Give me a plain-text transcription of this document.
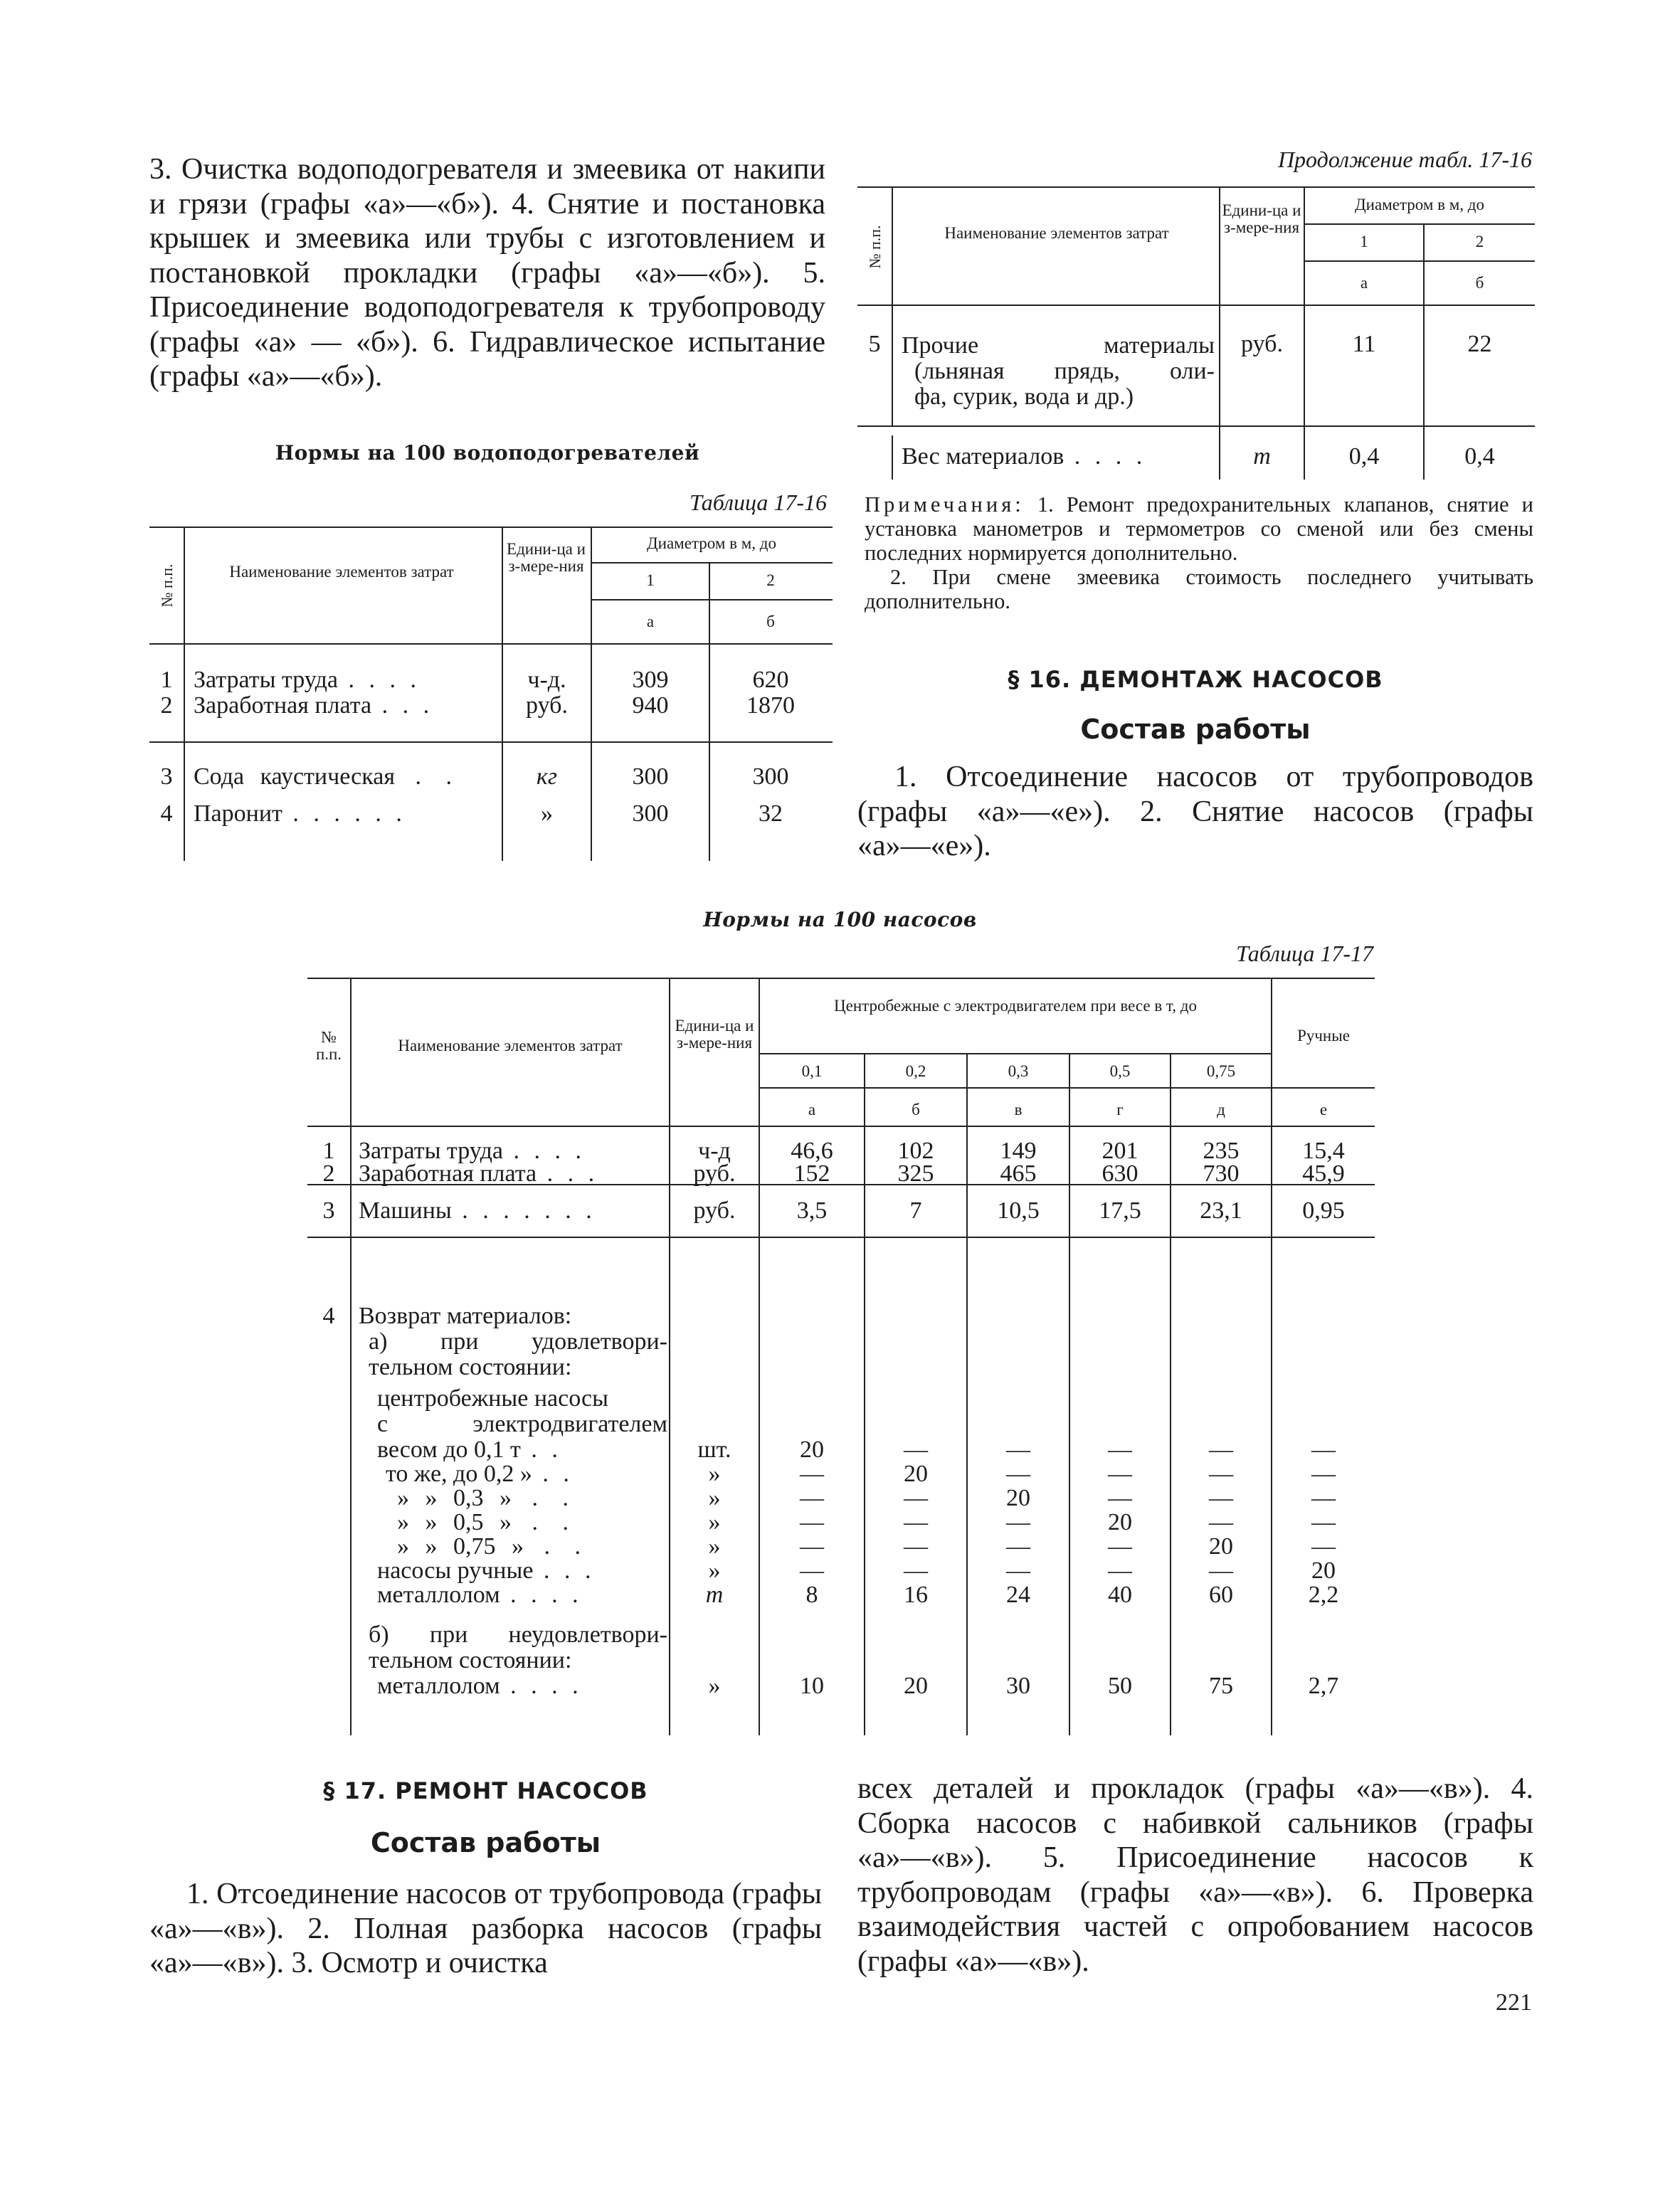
3. Очистка водоподогревателя и змеевика от накипи и грязи (графы «а»—«б»). 4. Снятие и постановка крышек и змеевика или трубы с изготовлением и постановкой прокладки (графы «а»—«б»). 5. Присоединение водоподогревателя к трубопроводу (графы «а» — «б»). 6. Гидравлическое испытание (графы «а»—«б»).

Нормы на 100 водоподогревателей
Таблица 17-16
№ п.п.	Наименование элементов затрат
Едини-ца из-мере-ния
Диаметром в м, до
1	2
а	б
1 Затраты труда . . . .	ч-д.	309	620
2 Заработная плата . . .	руб.	940	1870
3 Сода каустическая . .	кг	300	300
4 Паронит . . . . . .	»	300	32
Продолжение табл. 17-16
№ п.п.	Наименование элементов затрат
Едини-ца из-мере-ния
Диаметром в м, до
1	2
а	б
5 Прочие материалы
(льняная прядь, оли-
фа, сурик, вода и др.)
руб.	11	22
Вес материалов . . . .	т	0,4	0,4

Примечания: 1. Ремонт предохранительных клапанов, снятие и установка манометров и термометров со сменой или без смены последних нормируется дополнительно.

2. При смене змеевика стоимость последнего учитывать дополнительно.

§ 16. ДЕМОНТАЖ НАСОСОВ
Состав работы

1. Отсоединение насосов от трубопроводов (графы «а»—«е»). 2. Снятие насосов (графы «а»—«е»).

Нормы на 100 насосов
Таблица 17-17
№
п.п.	Наименование элементов затрат
Едини-ца из-мере-ния
Центробежные с электродвигателем при весе в т, до
Ручные
0,1	0,2	0,3	0,5	0,75
а	б	в	г	д	е
1 Затраты труда . . . .	ч-д	46,6	102	149	201	235	15,4
2 Заработная плата . . .	руб.	152	325	465	630	730	45,9
3 Машины . . . . . . .	руб.	3,5	7	10,5	17,5	23,1	0,95
4 Возврат материалов:
а) при удовлетвори-
тельном состоянии:
центробежные насосы
с электродвигателем
весом до 0,1 т . .	шт.	20	—	—	—	—	—
то же, до 0,2 » . .	»	—	20	—	—	—	—
» » 0,3 » . .	»	—	—	20	—	—	—
» » 0,5 » . .	»	—	—	—	20	—	—
» » 0,75 » . .	»	—	—	—	—	20	—
насосы ручные . . .	»	—	—	—	—	—	20
металлолом . . . .	т	8	16	24	40	60	2,2
б) при неудовлетвори-
тельном состоянии:
металлолом . . . .	»	10	20	30	50	75	2,7
§ 17. РЕМОНТ НАСОСОВ
Состав работы

1. Отсоединение насосов от трубопровода (графы «а»—«в»). 2. Полная разборка насосов (графы «а»—«в»). 3. Осмотр и очистка

всех деталей и прокладок (графы «а»—«в»). 4. Сборка насосов с набивкой сальников (графы «а»—«в»). 5. Присоединение насосов к трубопроводам (графы «а»—«в»). 6. Проверка взаимодействия частей с опробованием насосов (графы «а»—«в»).

221
